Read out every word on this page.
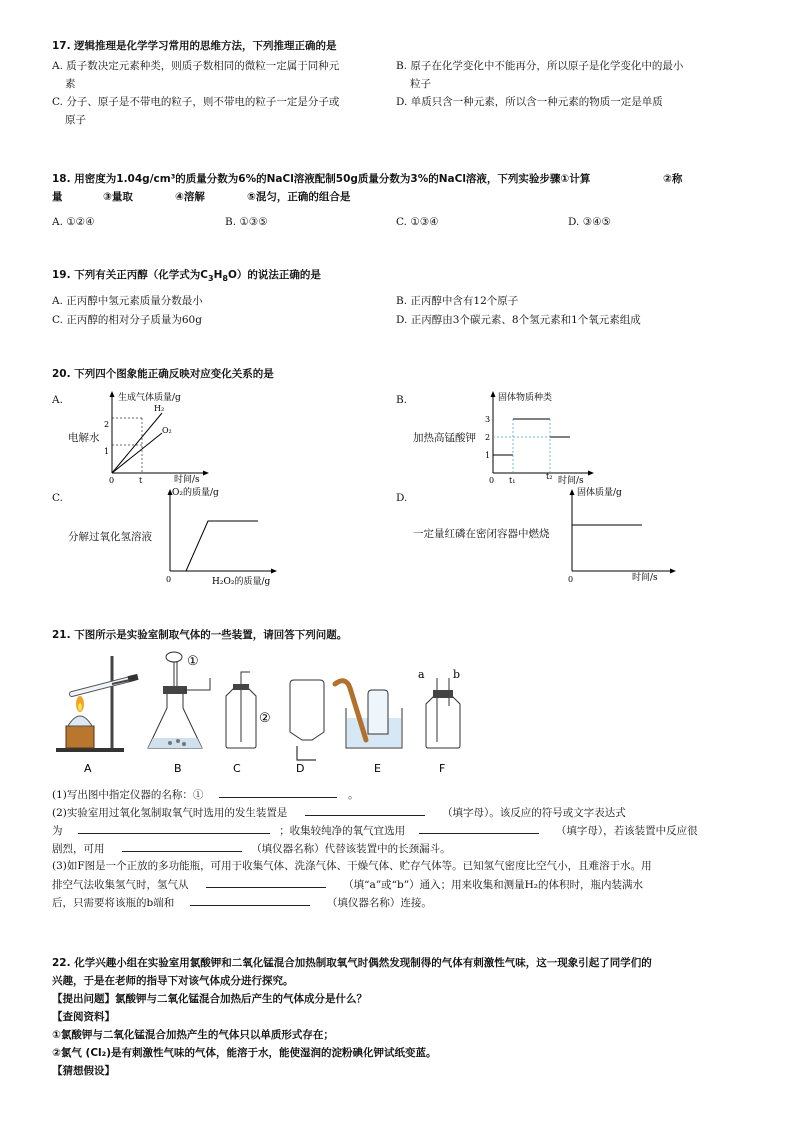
17. 逻辑推理是化学学习常用的思维方法，下列推理正确的是
A. 质子数决定元素种类，则质子数相同的微粒一定属于同种元
素
B. 原子在化学变化中不能再分，所以原子是化学变化中的最小
粒子
C. 分子、原子是不带电的粒子，则不带电的粒子一定是分子或
原子
D. 单质只含一种元素，所以含一种元素的物质一定是单质
18. 用密度为1.04g/cm³的质量分数为6%的NaCl溶液配制50g质量分数为3%的NaCl溶液，下列实验步骤①计算	②称
量	③量取	④溶解	⑤混匀，正确的组合是
A. ①②④	B. ①③⑤	C. ①③④	D. ③④⑤
19. 下列有关正丙醇（化学式为$C_3H_8O$）的说法正确的是
A. 正丙醇中氢元素质量分数最小	B. 正丙醇中含有12个原子
C. 正丙醇的相对分子质量为60g	D. 正丙醇由3个碳元素、8个氢元素和1个氧元素组成
20. 下列四个图象能正确反映对应变化关系的是
A.
电解水
生成气体质量/g
2
1
0	t
H₂
O₂
时间/s
B.
加热高锰酸钾
固体物质种类
3
2
1
0 t₁	t₂ 时间/s
C.
分解过氧化氢溶液
O₂的质量/g
0	H₂O₂的质量/g
D.
一定量红磷在密闭容器中燃烧
固体质量/g
0	时间/s
21. 下图所示是实验室制取气体的一些装置，请回答下列问题。
A
①
B
②
C	D	E
a	b
F
(1)写出图中指定仪器的名称：①	。
(2)实验室用过氧化氢制取氧气时选用的发生装置是	（填字母）。该反应的符号或文字表达式
为	；收集较纯净的氧气宜选用	（填字母），若该装置中反应很
剧烈，可用	（填仪器名称）代替该装置中的长颈漏斗。
(3)如F图是一个正放的多功能瓶，可用于收集气体、洗涤气体、干燥气体、贮存气体等。已知氢气密度比空气小，且难溶于水。用
排空气法收集氢气时，氢气从	（填“a”或“b”）通入；用来收集和测量H₂的体积时，瓶内装满水
后，只需要将该瓶的b端和	（填仪器名称）连接。
22. 化学兴趣小组在实验室用氯酸钾和二氧化锰混合加热制取氧气时偶然发现制得的气体有刺激性气味，这一现象引起了同学们的
兴趣，于是在老师的指导下对该气体成分进行探究。
【提出问题】氯酸钾与二氧化锰混合加热后产生的气体成分是什么？
【查阅资料】
①氯酸钾与二氧化锰混合加热产生的气体只以单质形式存在；
②氯气 (Cl₂)是有刺激性气味的气体，能溶于水，能使湿润的淀粉碘化钾试纸变蓝。
【猜想假设】
